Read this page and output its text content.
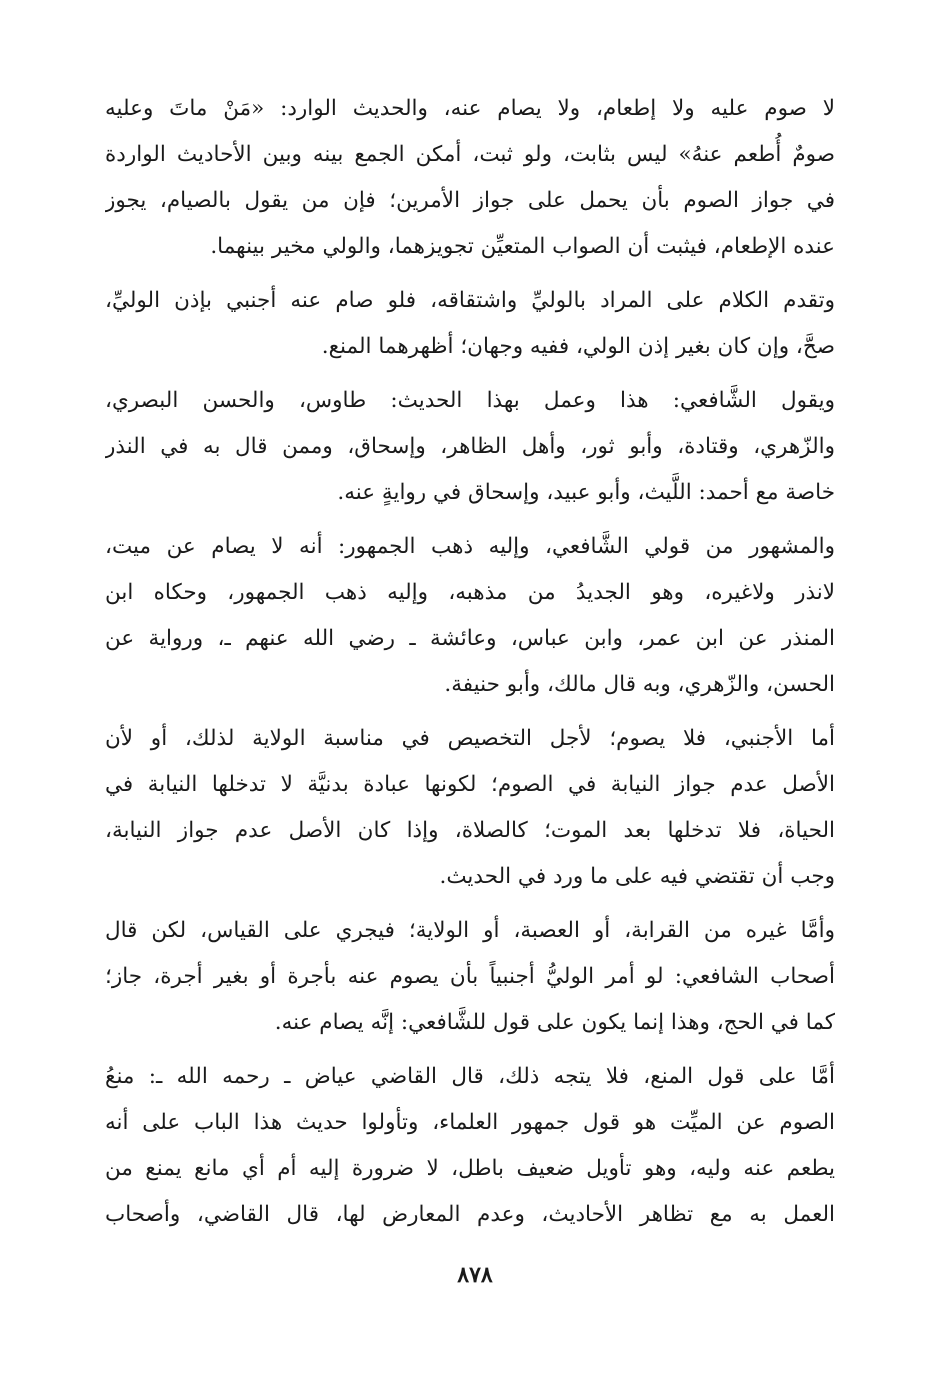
لا صوم عليه ولا إطعام، ولا يصام عنه، والحديث الوارد: «مَنْ ماتَ وعليه
صومٌ أُطعم عنهُ» ليس بثابت، ولو ثبت، أمكن الجمع بينه وبين الأحاديث الواردة
في جواز الصوم بأن يحمل على جواز الأمرين؛ فإن من يقول بالصيام، يجوز
عنده الإطعام، فيثبت أن الصواب المتعيِّن تجويزهما، والولي مخير بينهما.
وتقدم الكلام على المراد بالوليِّ واشتقاقه، فلو صام عنه أجنبي بإذن الوليِّ،
صحَّ، وإن كان بغير إذن الولي، ففيه وجهان؛ أظهرهما المنع.
ويقول الشَّافعي: هذا وعمل بهذا الحديث: طاوس، والحسن البصري،
والزّهري، وقتادة، وأبو ثور، وأهل الظاهر، وإسحاق، وممن قال به في النذر
خاصة مع أحمد: اللَّيث، وأبو عبيد، وإسحاق في روايةٍ عنه.
والمشهور من قولي الشَّافعي، وإليه ذهب الجمهور: أنه لا يصام عن ميت،
لانذر ولاغيره، وهو الجديدُ من مذهبه، وإليه ذهب الجمهور، وحكاه ابن
المنذر عن ابن عمر، وابن عباس، وعائشة ـ رضي الله عنهم ـ، ورواية عن
الحسن، والزّهري، وبه قال مالك، وأبو حنيفة.
أما الأجنبي، فلا يصوم؛ لأجل التخصيص في مناسبة الولاية لذلك، أو لأن
الأصل عدم جواز النيابة في الصوم؛ لكونها عبادة بدنيَّة لا تدخلها النيابة في
الحياة، فلا تدخلها بعد الموت؛ كالصلاة، وإذا كان الأصل عدم جواز النيابة،
وجب أن تقتضي فيه على ما ورد في الحديث.
وأمَّا غيره من القرابة، أو العصبة، أو الولاية؛ فيجري على القياس، لكن قال
أصحاب الشافعي: لو أمر الوليُّ أجنبياً بأن يصوم عنه بأجرة أو بغير أجرة، جاز؛
كما في الحج، وهذا إنما يكون على قول للشَّافعي: إنَّه يصام عنه.
أمَّا على قول المنع، فلا يتجه ذلك، قال القاضي عياض ـ رحمه الله ـ: منعُ
الصوم عن الميِّت هو قول جمهور العلماء، وتأولوا حديث هذا الباب على أنه
يطعم عنه وليه، وهو تأويل ضعيف باطل، لا ضرورة إليه أم أي مانع يمنع من
العمل به مع تظاهر الأحاديث، وعدم المعارض لها، قال القاضي، وأصحاب
٨٧٨
